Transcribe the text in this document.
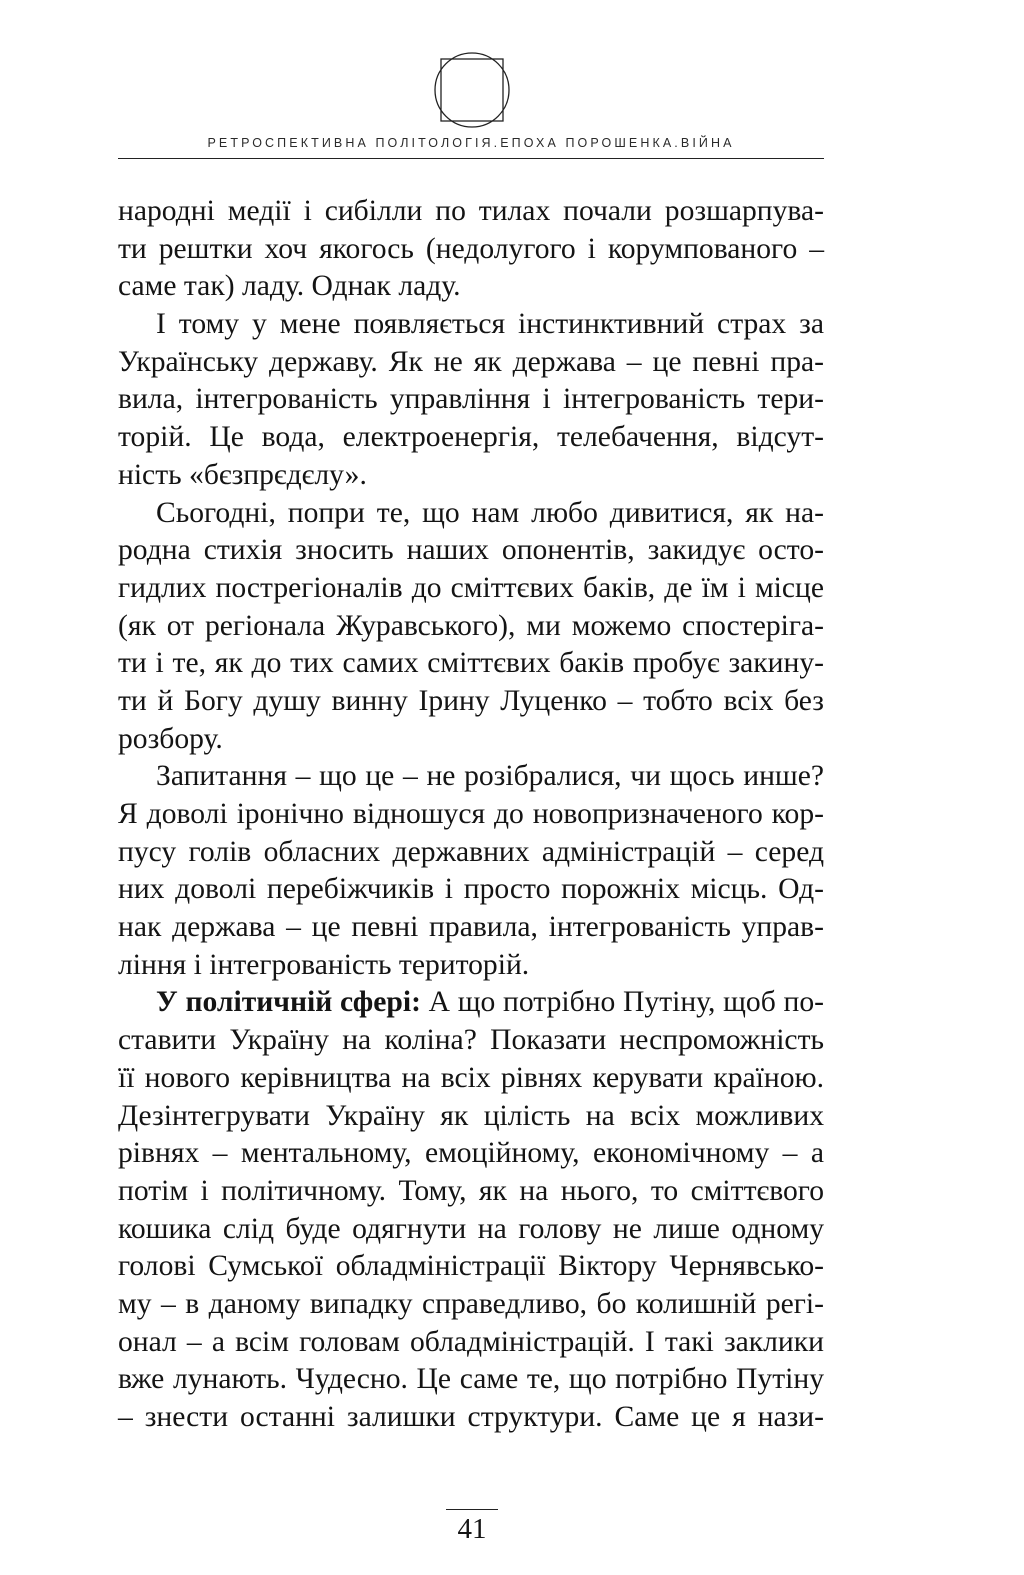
РЕТРОСПЕКТИВНА ПОЛІТОЛОГІЯ.ЕПОХА ПОРОШЕНКА.ВІЙНА
народні медії і сибілли по тилах почали розшарпува-
ти рештки хоч якогось (недолугого і корумпованого –
саме так) ладу. Однак ладу.
І тому у мене появляється інстинктивний страх за
Українську державу. Як не як держава – це певні пра-
вила, інтегрованість управління і інтегрованість тери-
торій. Це вода, електроенергія, телебачення, відсут-
ність «бєзпрєдєлу».
Сьогодні, попри те, що нам любо дивитися, як на-
родна стихія зносить наших опонентів, закидує осто-
гидлих пострегіоналів до сміттєвих баків, де їм і місце
(як от регіонала Журавського), ми можемо спостеріга-
ти і те, як до тих самих сміттєвих баків пробує закину-
ти й Богу душу винну Ірину Луценко – тобто всіх без
розбору.
Запитання – що це – не розібралися, чи щось инше?
Я доволі іронічно відношуся до новопризначеного кор-
пусу голів обласних державних адміністрацій – серед
них доволі перебіжчиків і просто порожніх місць. Од-
нак держава – це певні правила, інтегрованість управ-
ління і інтегрованість територій.
У політичній сфері: А що потрібно Путіну, щоб по-
ставити Україну на коліна? Показати неспроможність
її нового керівництва на всіх рівнях керувати країною.
Дезінтегрувати Україну як цілість на всіх можливих
рівнях – ментальному, емоційному, економічному – а
потім і політичному. Тому, як на нього, то сміттєвого
кошика слід буде одягнути на голову не лише одному
голові Сумської обладміністрації Віктору Чернявсько-
му – в даному випадку справедливо, бо колишній регі-
онал – а всім головам обладміністрацій. І такі заклики
вже лунають. Чудесно. Це саме те, що потрібно Путіну
– знести останні залишки структури. Саме це я нази-
41
